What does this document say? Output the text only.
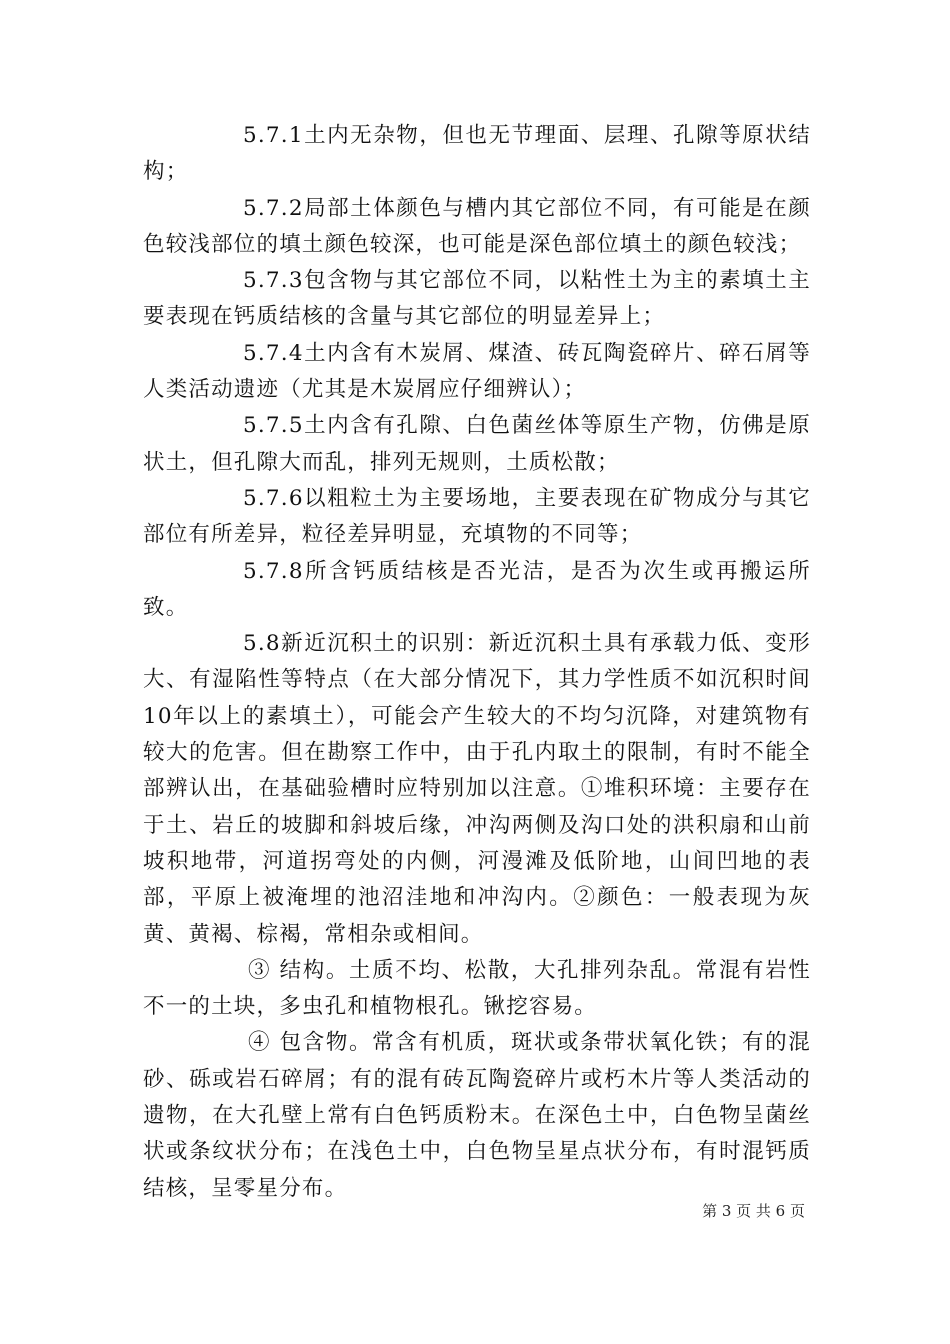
5.7.1土内无杂物，但也无节理面、层理、孔隙等原状结构；

5.7.2局部土体颜色与槽内其它部位不同，有可能是在颜色较浅部位的填土颜色较深，也可能是深色部位填土的颜色较浅；

5.7.3包含物与其它部位不同，以粘性土为主的素填土主要表现在钙质结核的含量与其它部位的明显差异上；

5.7.4土内含有木炭屑、煤渣、砖瓦陶瓷碎片、碎石屑等人类活动遗迹（尤其是木炭屑应仔细辨认）；

5.7.5土内含有孔隙、白色菌丝体等原生产物，仿佛是原状土，但孔隙大而乱，排列无规则，土质松散；

5.7.6以粗粒土为主要场地，主要表现在矿物成分与其它部位有所差异，粒径差异明显，充填物的不同等；

5.7.8所含钙质结核是否光洁，是否为次生或再搬运所致。

5.8新近沉积土的识别：新近沉积土具有承载力低、变形大、有湿陷性等特点（在大部分情况下，其力学性质不如沉积时间10年以上的素填土），可能会产生较大的不均匀沉降，对建筑物有较大的危害。但在勘察工作中，由于孔内取土的限制，有时不能全部辨认出，在基础验槽时应特别加以注意。①堆积环境：主要存在于土、岩丘的坡脚和斜坡后缘，冲沟两侧及沟口处的洪积扇和山前坡积地带，河道拐弯处的内侧，河漫滩及低阶地，山间凹地的表部，平原上被淹埋的池沼洼地和冲沟内。②颜色：一般表现为灰黄、黄褐、棕褐，常相杂或相间。

③ 结构。土质不均、松散，大孔排列杂乱。常混有岩性不一的土块，多虫孔和植物根孔。锹挖容易。

④ 包含物。常含有机质，斑状或条带状氧化铁；有的混砂、砾或岩石碎屑；有的混有砖瓦陶瓷碎片或朽木片等人类活动的遗物，在大孔壁上常有白色钙质粉末。在深色土中，白色物呈菌丝状或条纹状分布；在浅色土中，白色物呈星点状分布，有时混钙质结核，呈零星分布。

第 3 页 共 6 页
